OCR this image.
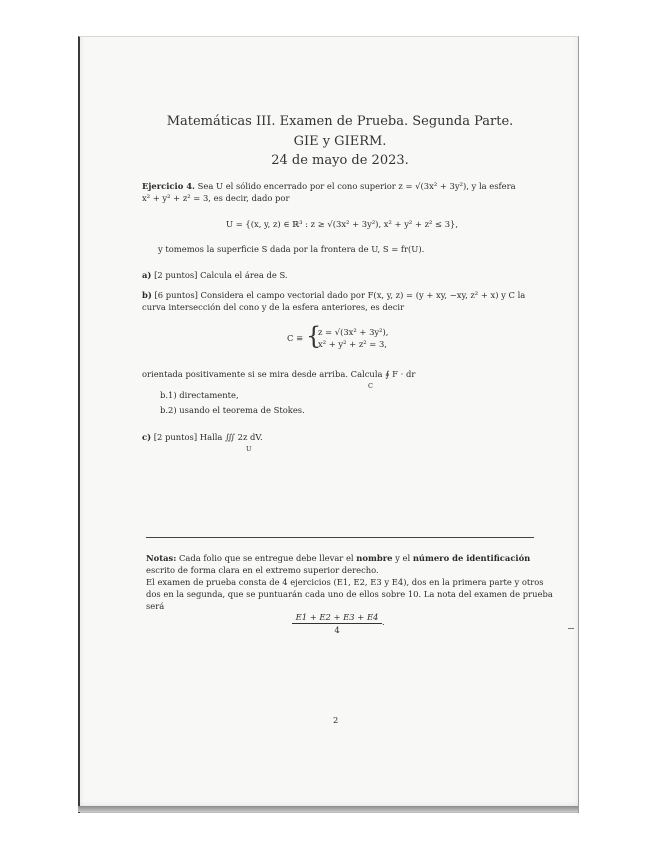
Matemáticas III. Examen de Prueba. Segunda Parte.
GIE y GIERM.
24 de mayo de 2023.
Ejercicio 4. Sea U el sólido encerrado por el cono superior z = √(3x² + 3y²), y la esfera
x² + y² + z² = 3, es decir, dado por
U = {(x, y, z) ∈ ℝ³ : z ≥ √(3x² + 3y²), x² + y² + z² ≤ 3},
y tomemos la superficie S dada por la frontera de U, S = fr(U).
a) [2 puntos] Calcula el área de S.
b) [6 puntos] Considera el campo vectorial dado por F(x, y, z) = (y + xy, −xy, z² + x) y C la
curva intersección del cono y de la esfera anteriores, es decir
C ≡ {
z = √(3x² + 3y²),
x² + y² + z² = 3,
orientada positivamente si se mira desde arriba. Calcula ∮ F · dr
C
b.1) directamente,
b.2) usando el teorema de Stokes.
c) [2 puntos] Halla ∭ 2z dV.
U
Notas: Cada folio que se entregue debe llevar el nombre y el número de identificación
escrito de forma clara en el extremo superior derecho.
El examen de prueba consta de 4 ejercicios (E1, E2, E3 y E4), dos en la primera parte y otros
dos en la segunda, que se puntuarán cada uno de ellos sobre 10. La nota del examen de prueba
será
$\frac{E1 + E2 + E3 + E4}{4}$ .
2
